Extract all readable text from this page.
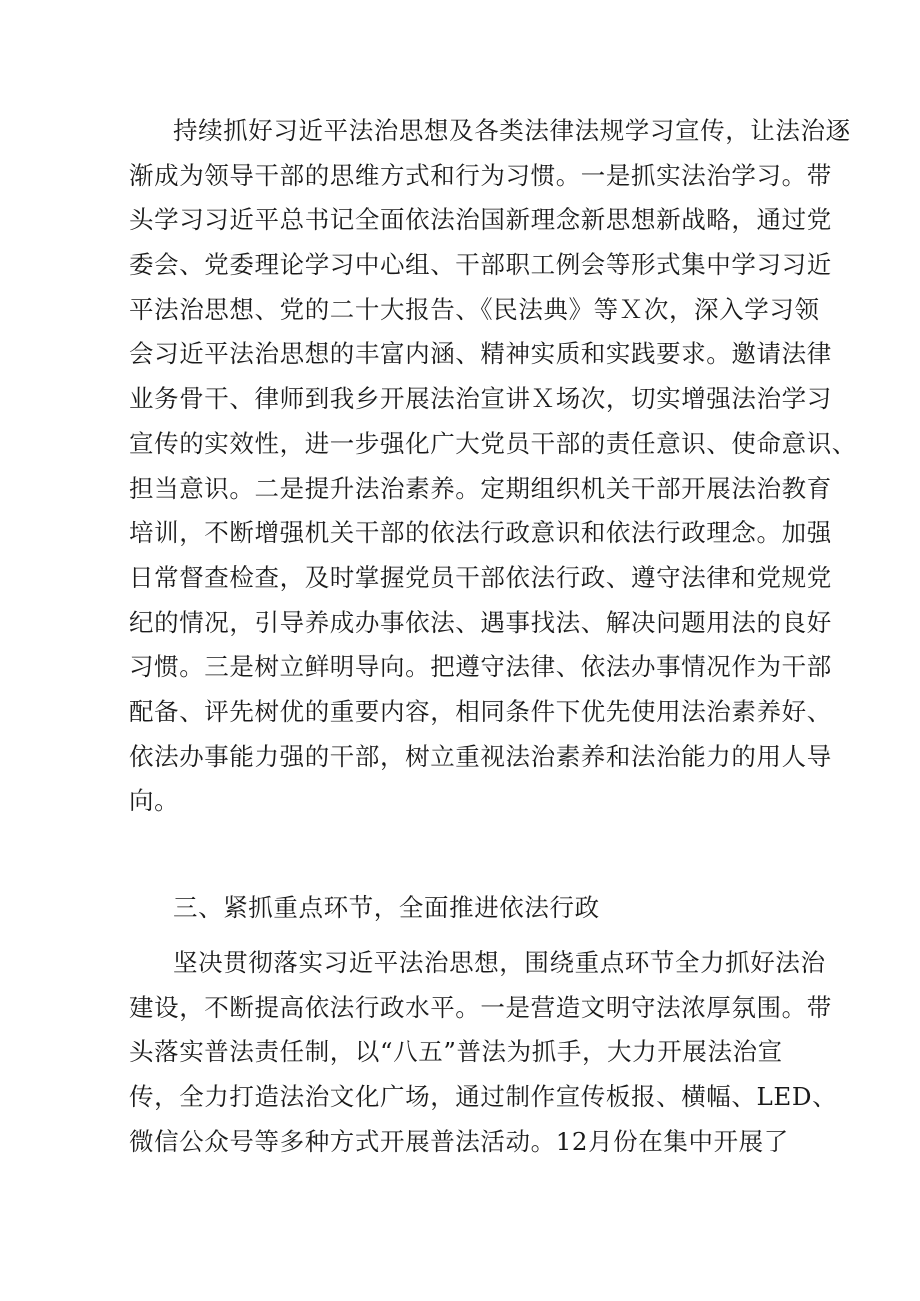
持续抓好习近平法治思想及各类法律法规学习宣传，让法治逐
渐成为领导干部的思维方式和行为习惯。一是抓实法治学习。带
头学习习近平总书记全面依法治国新理念新思想新战略，通过党
委会、党委理论学习中心组、干部职工例会等形式集中学习习近
平法治思想、党的二十大报告、《民法典》等Ｘ次，深入学习领
会习近平法治思想的丰富内涵、精神实质和实践要求。邀请法律
业务骨干、律师到我乡开展法治宣讲Ｘ场次，切实增强法治学习
宣传的实效性，进一步强化广大党员干部的责任意识、使命意识、
担当意识。二是提升法治素养。定期组织机关干部开展法治教育
培训，不断增强机关干部的依法行政意识和依法行政理念。加强
日常督查检查，及时掌握党员干部依法行政、遵守法律和党规党
纪的情况，引导养成办事依法、遇事找法、解决问题用法的良好
习惯。三是树立鲜明导向。把遵守法律、依法办事情况作为干部
配备、评先树优的重要内容，相同条件下优先使用法治素养好、
依法办事能力强的干部，树立重视法治素养和法治能力的用人导
向。
三、紧抓重点环节，全面推进依法行政
坚决贯彻落实习近平法治思想，围绕重点环节全力抓好法治
建设，不断提高依法行政水平。一是营造文明守法浓厚氛围。带
头落实普法责任制，以“八五”普法为抓手，大力开展法治宣
传，全力打造法治文化广场，通过制作宣传板报、横幅、LED、
微信公众号等多种方式开展普法活动。12月份在集中开展了
